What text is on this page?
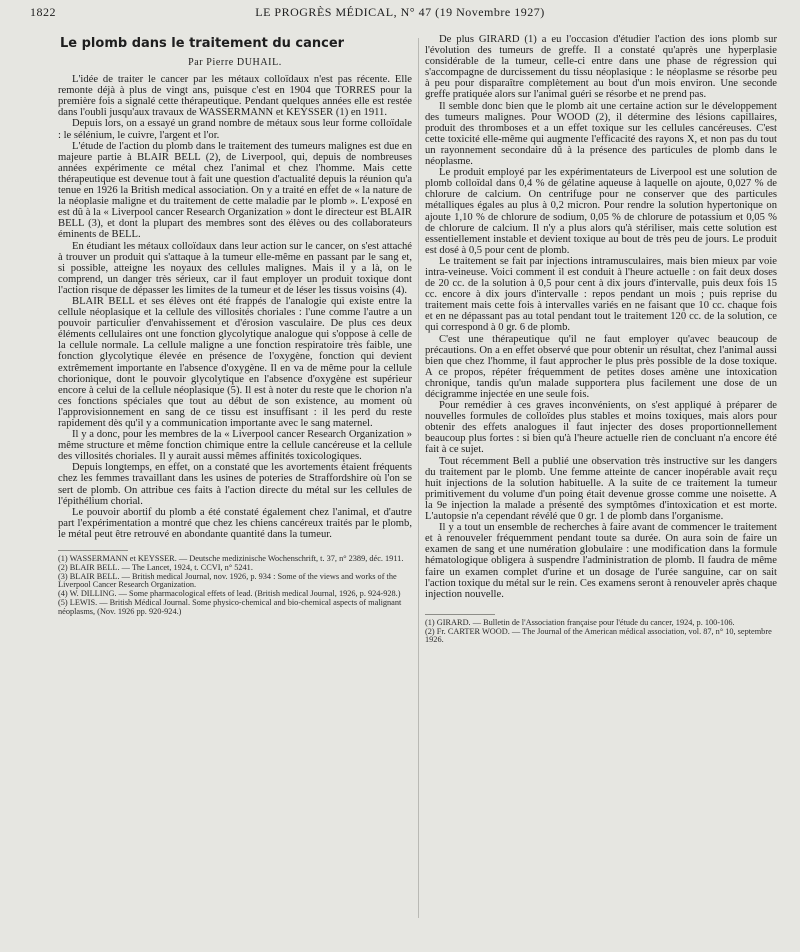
1822	LE PROGRÈS MÉDICAL, N° 47 (19 Novembre 1927)
Le plomb dans le traitement du cancer
Par Pierre DUHAIL.

L'idée de traiter le cancer par les métaux colloïdaux n'est pas récente. Elle remonte déjà à plus de vingt ans, puisque c'est en 1904 que TORRES pour la première fois a signalé cette thérapeutique. Pendant quelques années elle est restée dans l'oubli jusqu'aux travaux de WASSERMANN et KEYSSER (1) en 1911.

Depuis lors, on a essayé un grand nombre de métaux sous leur forme colloïdale : le sélénium, le cuivre, l'argent et l'or.

L'étude de l'action du plomb dans le traitement des tumeurs malignes est due en majeure partie à BLAIR BELL (2), de Liverpool, qui, depuis de nombreuses années expérimente ce métal chez l'animal et chez l'homme. Mais cette thérapeutique est devenue tout à fait une question d'actualité depuis la réunion qu'a tenue en 1926 la British medical association. On y a traité en effet de « la nature de la néoplasie maligne et du traitement de cette maladie par le plomb ». L'exposé en est dû à la « Liverpool cancer Research Organization » dont le directeur est BLAIR BELL (3), et dont la plupart des membres sont des élèves ou des collaborateurs éminents de BELL.

En étudiant les métaux colloïdaux dans leur action sur le cancer, on s'est attaché à trouver un produit qui s'attaque à la tumeur elle-même en passant par le sang et, si possible, atteigne les noyaux des cellules malignes. Mais il y a là, on le comprend, un danger très sérieux, car il faut employer un produit toxique dont l'action risque de dépasser les limites de la tumeur et de léser les tissus voisins (4).

BLAIR BELL et ses élèves ont été frappés de l'analogie qui existe entre la cellule néoplasique et la cellule des villosités choriales : l'une comme l'autre a un pouvoir particulier d'envahissement et d'érosion vasculaire. De plus ces deux éléments cellulaires ont une fonction glycolytique analogue qui s'oppose à celle de la cellule normale. La cellule maligne a une fonction respiratoire très faible, une fonction glycolytique élevée en présence de l'oxygène, fonction qui devient extrêmement importante en l'absence d'oxygène. Il en va de même pour la cellule chorionique, dont le pouvoir glycolytique en l'absence d'oxygène est supérieur encore à celui de la cellule néoplasique (5). Il est à noter du reste que le chorion n'a ces fonctions spéciales que tout au début de son existence, au moment où l'approvisionnement en sang de ce tissu est insuffisant : il les perd du reste rapidement dès qu'il y a communication importante avec le sang maternel.

Il y a donc, pour les membres de la « Liverpool cancer Research Organization » même structure et même fonction chimique entre la cellule cancéreuse et la cellule des villosités choriales. Il y aurait aussi mêmes affinités toxicologiques.

Depuis longtemps, en effet, on a constaté que les avortements étaient fréquents chez les femmes travaillant dans les usines de poteries de Straffordshire où l'on se sert de plomb. On attribue ces faits à l'action directe du métal sur les cellules de l'épithélium chorial.

Le pouvoir abortif du plomb a été constaté également chez l'animal, et d'autre part l'expérimentation a montré que chez les chiens cancéreux traités par le plomb, le métal peut être retrouvé en abondante quantité dans la tumeur.

(1) WASSERMANN et KEYSSER. — Deutsche medizinische Wochenschrift, t. 37, n° 2389, déc. 1911.

(2) BLAIR BELL. — The Lancet, 1924, t. CCVI, n° 5241.

(3) BLAIR BELL. — British medical Journal, nov. 1926, p. 934 : Some of the views and works of the Liverpool Cancer Research Organization.

(4) W. DILLING. — Some pharmacological effets of lead. (British medical Journal, 1926, p. 924-928.)

(5) LEWIS. — British Médical Journal. Some physico-chemical and bio-chemical aspects of malignant néoplasms, (Nov. 1926 pp. 920-924.)

De plus GIRARD (1) a eu l'occasion d'étudier l'action des ions plomb sur l'évolution des tumeurs de greffe. Il a constaté qu'après une hyperplasie considérable de la tumeur, celle-ci entre dans une phase de régression qui s'accompagne de durcissement du tissu néoplasique : le néoplasme se résorbe peu à peu pour disparaître complètement au bout d'un mois environ. Une seconde greffe pratiquée alors sur l'animal guéri se résorbe et ne prend pas.

Il semble donc bien que le plomb ait une certaine action sur le développement des tumeurs malignes. Pour WOOD (2), il détermine des lésions capillaires, produit des thromboses et a un effet toxique sur les cellules cancéreuses. C'est cette toxicité elle-même qui augmente l'efficacité des rayons X, et non pas du tout un rayonnement secondaire dû à la présence des particules de plomb dans le néoplasme.

Le produit employé par les expérimentateurs de Liverpool est une solution de plomb colloïdal dans 0,4 % de gélatine aqueuse à laquelle on ajoute, 0,027 % de chlorure de calcium. On centrifuge pour ne conserver que des particules métalliques égales au plus à 0,2 micron. Pour rendre la solution hypertonique on ajoute 1,10 % de chlorure de sodium, 0,05 % de chlorure de potassium et 0,05 % de chlorure de calcium. Il n'y a plus alors qu'à stériliser, mais cette solution est essentiellement instable et devient toxique au bout de très peu de jours. Le produit est dosé à 0,5 pour cent de plomb.

Le traitement se fait par injections intramusculaires, mais bien mieux par voie intra-veineuse. Voici comment il est conduit à l'heure actuelle : on fait deux doses de 20 cc. de la solution à 0,5 pour cent à dix jours d'intervalle, puis deux fois 15 cc. encore à dix jours d'intervalle : repos pendant un mois ; puis reprise du traitement mais cette fois à intervalles variés en ne faisant que 10 cc. chaque fois et en ne dépassant pas au total pendant tout le traitement 120 cc. de la solution, ce qui correspond à 0 gr. 6 de plomb.

C'est une thérapeutique qu'il ne faut employer qu'avec beaucoup de précautions. On a en effet observé que pour obtenir un résultat, chez l'animal aussi bien que chez l'homme, il faut approcher le plus près possible de la dose toxique. A ce propos, répéter fréquemment de petites doses amène une intoxication chronique, tandis qu'un malade supportera plus facilement une dose de un décigramme injectée en une seule fois.

Pour remédier à ces graves inconvénients, on s'est appliqué à préparer de nouvelles formules de colloïdes plus stables et moins toxiques, mais alors pour obtenir des effets analogues il faut injecter des doses proportionnellement beaucoup plus fortes : si bien qu'à l'heure actuelle rien de concluant n'a encore été fait à ce sujet.

Tout récemment Bell a publié une observation très instructive sur les dangers du traitement par le plomb. Une femme atteinte de cancer inopérable avait reçu huit injections de la solution habituelle. A la suite de ce traitement la tumeur primitivement du volume d'un poing était devenue grosse comme une noisette. A la 9e injection la malade a présenté des symptômes d'intoxication et est morte. L'autopsie n'a cependant révélé que 0 gr. 1 de plomb dans l'organisme.

Il y a tout un ensemble de recherches à faire avant de commencer le traitement et à renouveler fréquemment pendant toute sa durée. On aura soin de faire un examen de sang et une numération globulaire : une modification dans la formule hématologique obligera à suspendre l'administration de plomb. Il faudra de même faire un examen complet d'urine et un dosage de l'urée sanguine, car on sait l'action toxique du métal sur le rein. Ces examens seront à renouveler après chaque injection nouvelle.

(1) GIRARD. — Bulletin de l'Association française pour l'étude du cancer, 1924, p. 100-106.

(2) Fr. CARTER WOOD. — The Journal of the American médical association, vol. 87, n° 10, septembre 1926.
